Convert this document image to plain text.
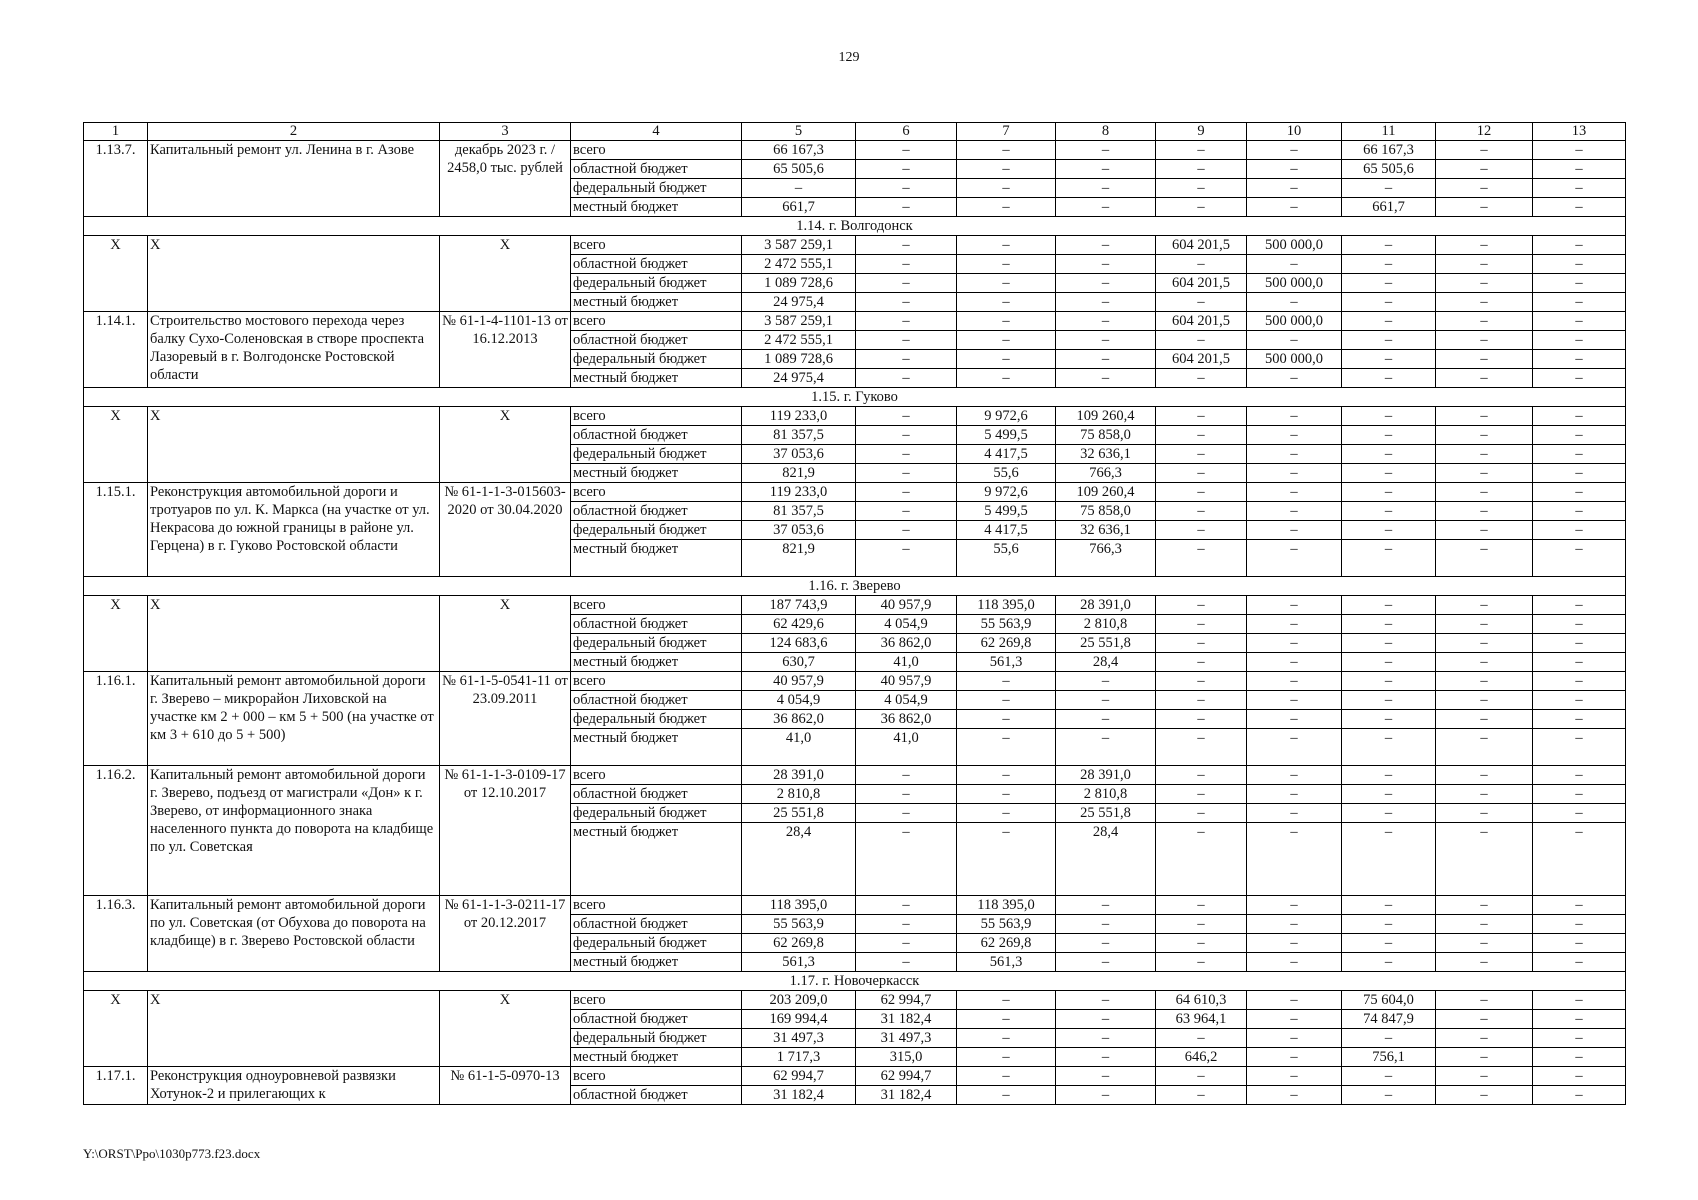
129
1	2	3	4	5	6	7	8	9	10	11	12	13
1.13.7.	Капитальный ремонт ул. Ленина в г. Азове	декабрь 2023 г. / 2458,0 тыс. рублей	всего	66 167,3	–	–	–	–	–	66 167,3	–	–
			областной бюджет	65 505,6	–	–	–	–	–	65 505,6	–	–
			федеральный бюджет	–	–	–	–	–	–	–	–	–
			местный бюджет	661,7	–	–	–	–	–	661,7	–	–
1.14. г. Волгодонск												
Х	Х	Х	всего	3 587 259,1	–	–	–	604 201,5	500 000,0	–	–	–
			областной бюджет	2 472 555,1	–	–	–	–	–	–	–	–
			федеральный бюджет	1 089 728,6	–	–	–	604 201,5	500 000,0	–	–	–
			местный бюджет	24 975,4	–	–	–	–	–	–	–	–
1.14.1.	Строительство мостового перехода через балку Сухо-Соленовская в створе проспекта Лазоревый в г. Волгодонске Ростовской области	№ 61-1-4-1101-13 от 16.12.2013	всего	3 587 259,1	–	–	–	604 201,5	500 000,0	–	–	–
			областной бюджет	2 472 555,1	–	–	–	–	–	–	–	–
			федеральный бюджет	1 089 728,6	–	–	–	604 201,5	500 000,0	–	–	–
			местный бюджет	24 975,4	–	–	–	–	–	–	–	–
1.15. г. Гуково												
Х	Х	Х	всего	119 233,0	–	9 972,6	109 260,4	–	–	–	–	–
			областной бюджет	81 357,5	–	5 499,5	75 858,0	–	–	–	–	–
			федеральный бюджет	37 053,6	–	4 417,5	32 636,1	–	–	–	–	–
			местный бюджет	821,9	–	55,6	766,3	–	–	–	–	–
1.15.1.	Реконструкция автомобильной дороги и тротуаров по ул. К. Маркса (на участке от ул. Некрасова до южной границы в районе ул. Герцена) в г. Гуково Ростовской области	№ 61-1-1-3-015603-2020 от 30.04.2020	всего	119 233,0	–	9 972,6	109 260,4	–	–	–	–	–
			областной бюджет	81 357,5	–	5 499,5	75 858,0	–	–	–	–	–
			федеральный бюджет	37 053,6	–	4 417,5	32 636,1	–	–	–	–	–
			местный бюджет	821,9	–	55,6	766,3	–	–	–	–	–
1.16. г. Зверево												
Х	Х	Х	всего	187 743,9	40 957,9	118 395,0	28 391,0	–	–	–	–	–
			областной бюджет	62 429,6	4 054,9	55 563,9	2 810,8	–	–	–	–	–
			федеральный бюджет	124 683,6	36 862,0	62 269,8	25 551,8	–	–	–	–	–
			местный бюджет	630,7	41,0	561,3	28,4	–	–	–	–	–
1.16.1.	Капитальный ремонт автомобильной дороги г. Зверево – микрорайон Лиховской на участке км 2 + 000 – км 5 + 500 (на участке от км 3 + 610 до 5 + 500)	№ 61-1-5-0541-11 от 23.09.2011	всего	40 957,9	40 957,9	–	–	–	–	–	–	–
			областной бюджет	4 054,9	4 054,9	–	–	–	–	–	–	–
			федеральный бюджет	36 862,0	36 862,0	–	–	–	–	–	–	–
			местный бюджет	41,0	41,0	–	–	–	–	–	–	–
1.16.2.	Капитальный ремонт автомобильной дороги г. Зверево, подъезд от магистрали «Дон» к г. Зверево, от информационного знака населенного пункта до поворота на кладбище по ул. Советская	№ 61-1-1-3-0109-17 от 12.10.2017	всего	28 391,0	–	–	28 391,0	–	–	–	–	–
			областной бюджет	2 810,8	–	–	2 810,8	–	–	–	–	–
			федеральный бюджет	25 551,8	–	–	25 551,8	–	–	–	–	–
			местный бюджет	28,4	–	–	28,4	–	–	–	–	–
1.16.3.	Капитальный ремонт автомобильной дороги по ул. Советская (от Обухова до поворота на кладбище) в г. Зверево Ростовской области	№ 61-1-1-3-0211-17 от 20.12.2017	всего	118 395,0	–	118 395,0	–	–	–	–	–	–
			областной бюджет	55 563,9	–	55 563,9	–	–	–	–	–	–
			федеральный бюджет	62 269,8	–	62 269,8	–	–	–	–	–	–
			местный бюджет	561,3	–	561,3	–	–	–	–	–	–
1.17. г. Новочеркасск												
Х	Х	Х	всего	203 209,0	62 994,7	–	–	64 610,3	–	75 604,0	–	–
			областной бюджет	169 994,4	31 182,4	–	–	63 964,1	–	74 847,9	–	–
			федеральный бюджет	31 497,3	31 497,3	–	–	–	–	–	–	–
			местный бюджет	1 717,3	315,0	–	–	646,2	–	756,1	–	–
1.17.1.	Реконструкция одноуровневой развязки Хотунок-2 и прилегающих к	№ 61-1-5-0970-13	всего	62 994,7	62 994,7	–	–	–	–	–	–	–
			областной бюджет	31 182,4	31 182,4	–	–	–	–	–	–	–
Y:\ORST\Ppo\1030p773.f23.docx
